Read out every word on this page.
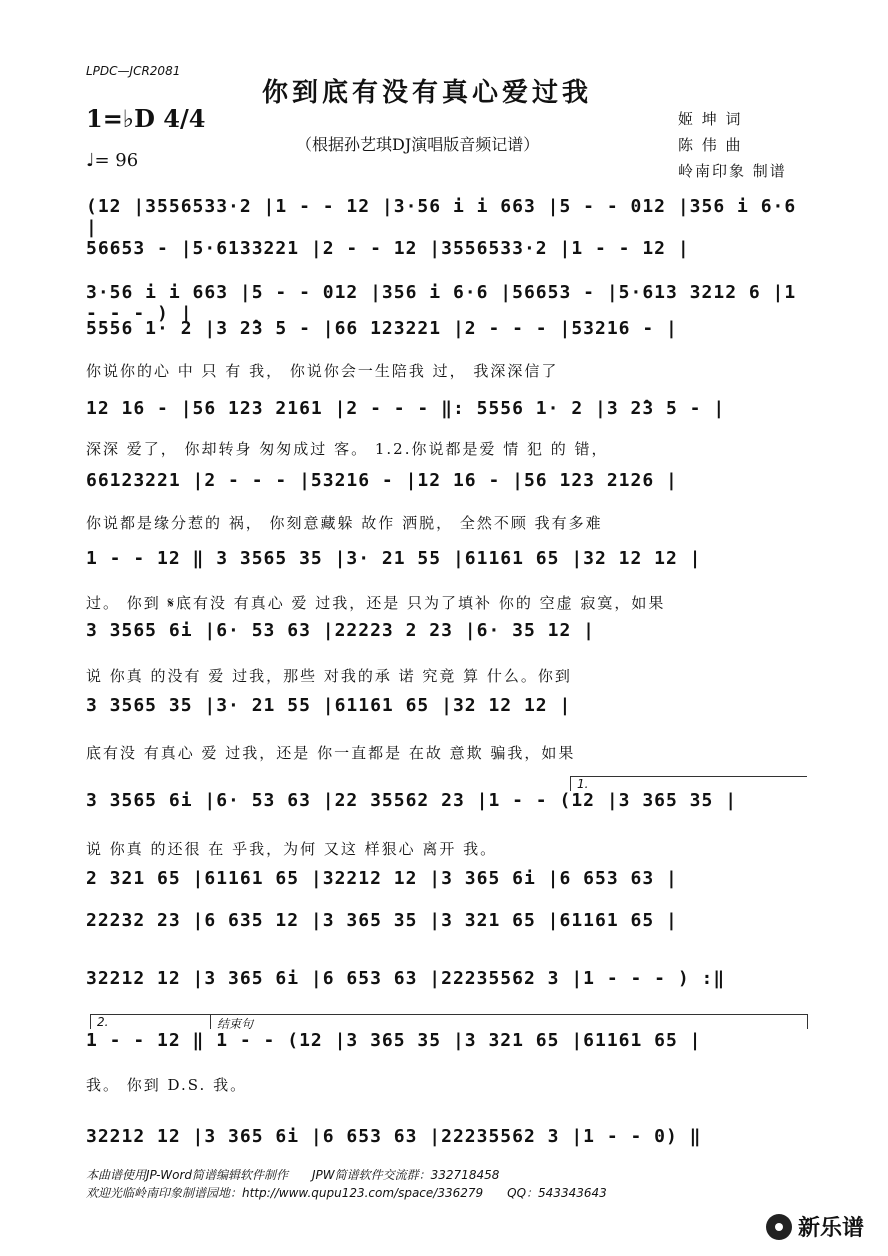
LPDC—JCR2081
你到底有没有真心爱过我
（根据孙艺琪DJ演唱版音频记谱）
1=♭D 4/4
♩= 96
姬 坤 词
陈 伟 曲
岭南印象 制谱
(12 |3556533·2 |1 - - 12 |3·56 i i 663 |5 - - 012 |356 i 6·6 |
56653 - |5·6133221 |2 - - 12 |3556533·2 |1 - - 12 |
3·56 i i 663 |5 - - 012 |356 i 6·6 |56653 - |5·613 3212 6 |1 - - - ) |
5556 1· 2 |3 2̂3 5 - |66 123221 |2 - - - |53216 - |
你说你的心 中 只 有 我， 你说你会一生陪我 过， 我深深信了
12 16 - |56 123 2161 |2 - - - ‖: 5556 1· 2 |3 2̂3 5 - |
深深 爱了， 你却转身 匆匆成过 客。 1.2.你说都是爱 情 犯 的 错，
66123221 |2 - - - |53216 - |12 16 - |56 123 2126 |
你说都是缘分惹的 祸， 你刻意藏躲 故作 洒脱， 全然不顾 我有多难
1 - - 12 ‖ 3 3565 35 |3· 21 55 |61161 65 |32 12 12 |
过。 你到 𝄋底有没 有真心 爱 过我，还是 只为了填补 你的 空虚 寂寞，如果
3 3565 6i |6· 53 63 |22223 2 23 |6· 35 12 |
说 你真 的没有 爱 过我，那些 对我的承 诺 究竟 算 什么。你到
3 3565 35 |3· 21 55 |61161 65 |32 12 12 |
底有没 有真心 爱 过我，还是 你一直都是 在故 意欺 骗我，如果
3 3565 6i |6· 53 63 |22 35562 23 |1 - - (12 |3 365 35 |
说 你真 的还很 在 乎我，为何 又这 样狠心 离开 我。
2 321 65 |61161 65 |32212 12 |3 365 6i |6 653 63 |
22232 23 |6 635 12 |3 365 35 |3 321 65 |61161 65 |
32212 12 |3 365 6i |6 653 63 |22235562 3 |1 - - - ) :‖
1 - - 12 ‖ 1 - - (12 |3 365 35 |3 321 65 |61161 65 |
我。 你到 D.S. 我。
32212 12 |3 365 6i |6 653 63 |22235562 3 |1 - - 0) ‖
1.
2.	结束句
本曲谱使用JP-Word简谱编辑软件制作　　JPW简谱软件交流群：332718458
欢迎光临岭南印象制谱园地：http://www.qupu123.com/space/336279　　QQ：543343643
新乐谱
